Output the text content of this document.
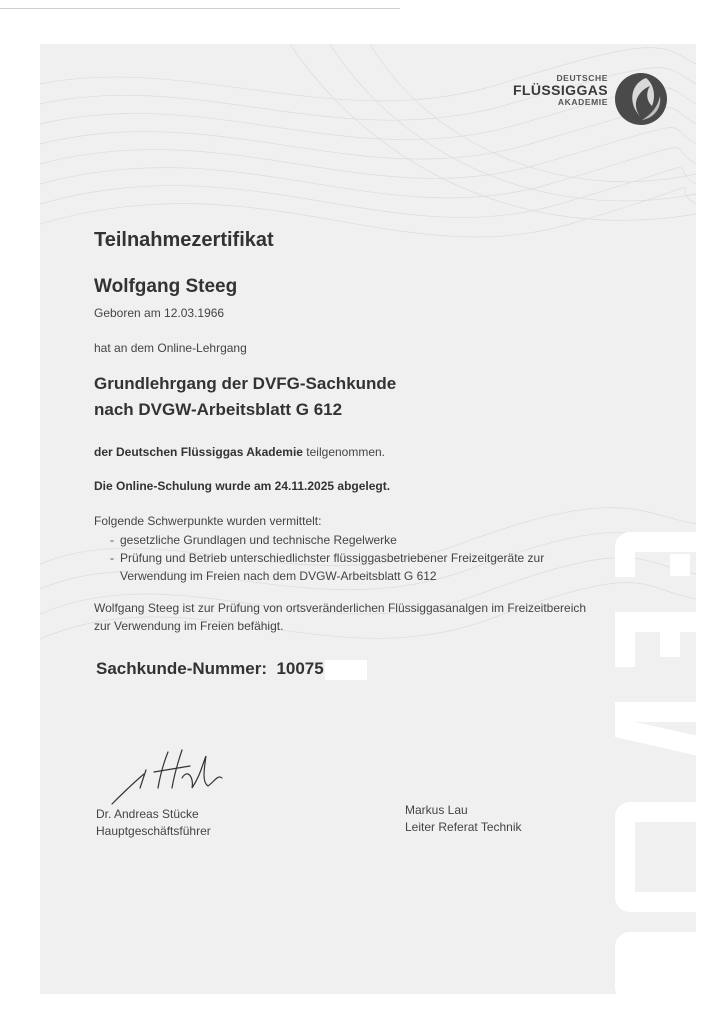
DEUTSCHE
FLÜSSIGGAS
AKADEMIE
Teilnahmezertifikat
Wolfgang Steeg

Geboren am 12.03.1966

hat an dem Online-Lehrgang

Grundlehrgang der DVFG-Sachkunde

nach DVGW-Arbeitsblatt G 612

der Deutschen Flüssiggas Akademie teilgenommen.

Die Online-Schulung wurde am 24.11.2025 abgelegt.

Folgende Schwerpunkte wurden vermittelt:

- gesetzliche Grundlagen und technische Regelwerke
- Prüfung und Betrieb unterschiedlichster flüssiggasbetriebener Freizeitgeräte zur Verwendung im Freien nach dem DVGW-Arbeitsblatt G 612

Wolfgang Steeg ist zur Prüfung von ortsveränderlichen Flüssiggasanalgen im Freizeitbereich zur Verwendung im Freien befähigt.

Sachkunde-Nummer: 10075

Dr. Andreas Stücke
Hauptgeschäftsführer
Markus Lau
Leiter Referat Technik
